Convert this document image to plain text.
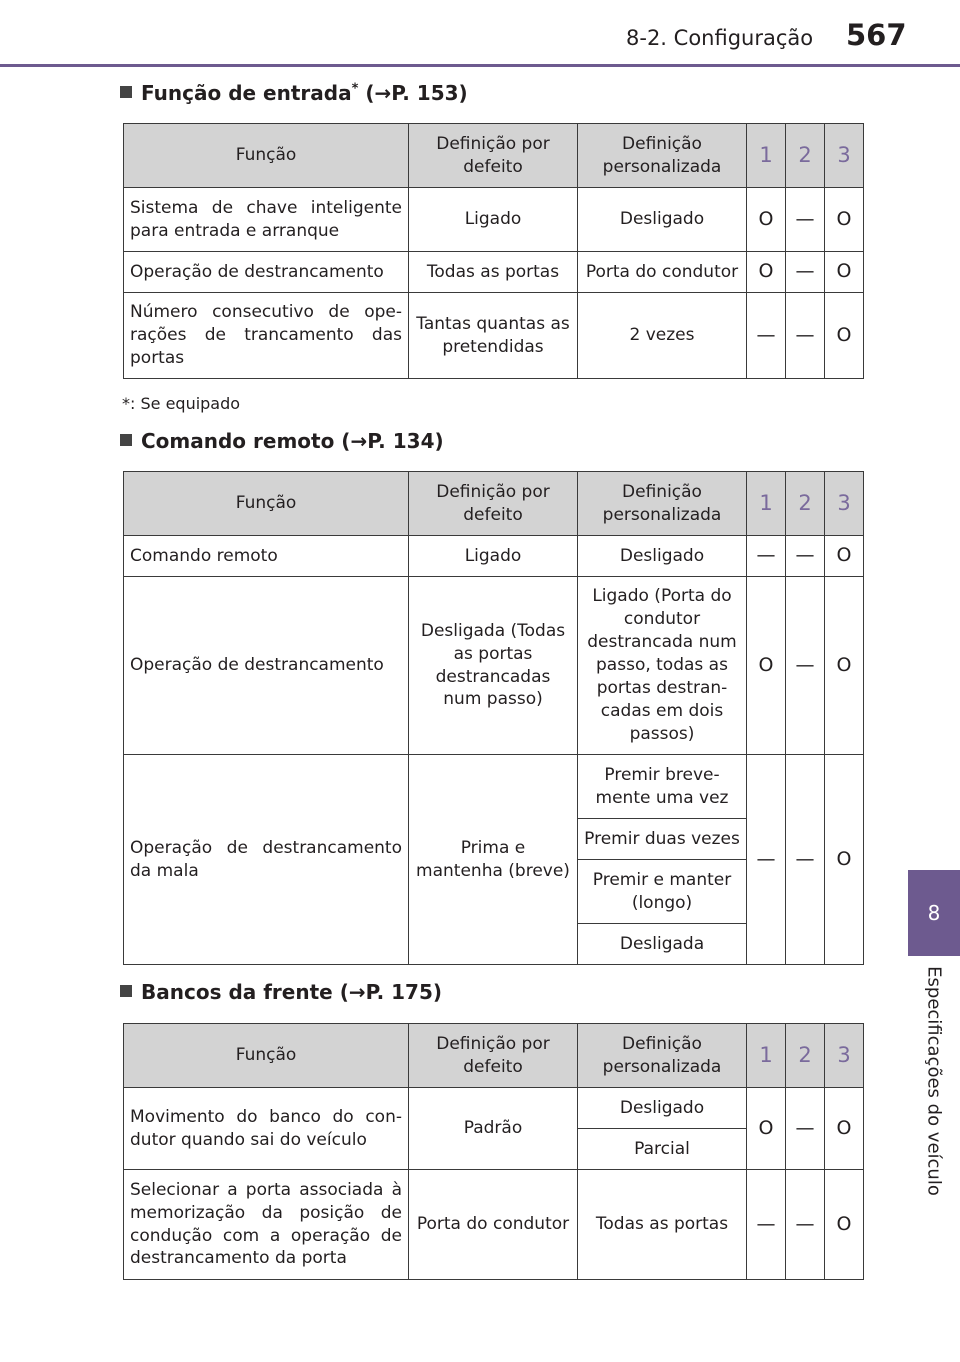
8-2. Configuração 567
8
Especificações do veículo
Função de entrada* (→P. 153)
Função	Definição por defeito	Definição personalizada	1	2	3
Sistema de chave inteligente para entrada e arranque	Ligado	Desligado	O	—	O
Operação de destrancamento	Todas as portas	Porta do condutor	O	—	O
Número consecutivo de operações de trancamento das portas	Tantas quantas as pretendidas	2 vezes	—	—	O
*: Se equipado
Comando remoto (→P. 134)
Função	Definição por defeito	Definição personalizada	1	2	3
Comando remoto	Ligado	Desligado	—	—	O
Operação de destrancamento	Desligada (Todas as portas destrancadas num passo)	Ligado (Porta do condutor destrancada num passo, todas as portas destrancadas em dois passos)	O	—	O
Operação de destrancamento da mala	Prima e mantenha (breve)	Premir brevemente uma vez	—	—	O
		Premir duas vezes			
		Premir e manter (longo)			
		Desligada			
Bancos da frente (→P. 175)
Função	Definição por defeito	Definição personalizada	1	2	3
Movimento do banco do condutor quando sai do veículo	Padrão	Desligado	O	—	O
		Parcial			
Selecionar a porta associada à memorização da posição de condução com a operação de destrancamento da porta	Porta do condutor	Todas as portas	—	—	O
